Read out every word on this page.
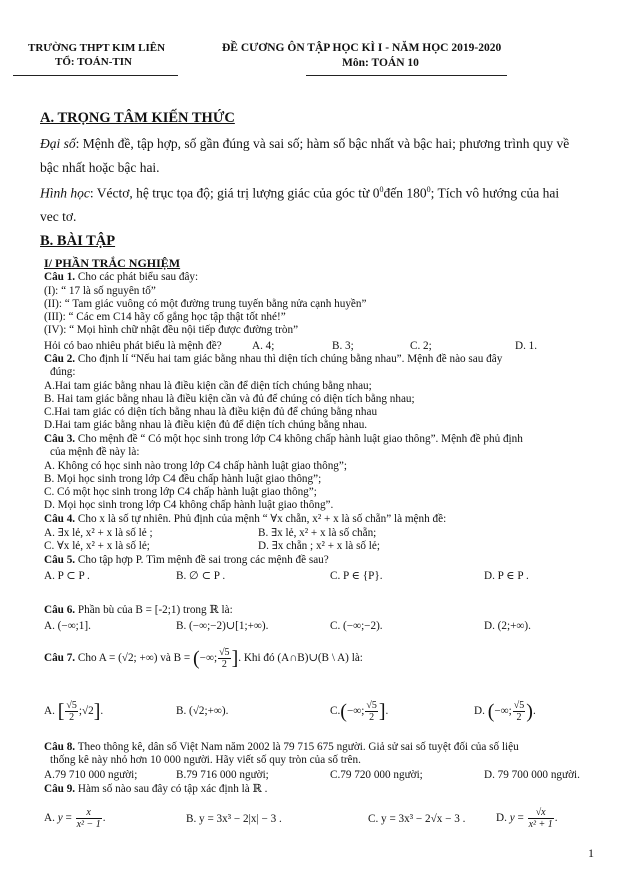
TRƯỜNG THPT KIM LIÊN
TỔ: TOÁN-TIN
ĐỀ CƯƠNG ÔN TẬP HỌC KÌ I - NĂM HỌC 2019-2020
Môn: TOÁN 10
A. TRỌNG TÂM KIẾN THỨC
Đại số: Mệnh đề, tập hợp, số gần đúng và sai số; hàm số bậc nhất và bậc hai; phương trình quy về
bậc nhất hoặc bậc hai.
Hình học: Véctơ, hệ trục tọa độ; giá trị lượng giác của góc từ $0^0đến$ $180^0$; Tích vô hướng của hai
vec tơ.
B. BÀI TẬP
I/ PHẦN TRẮC NGHIỆM
Câu 1. Cho các phát biểu sau đây:
(I): “ 17 là số nguyên tố”
(II): “ Tam giác vuông có một đường trung tuyến bằng nửa cạnh huyền”
(III): “ Các em C14 hãy cố gắng học tập thật tốt nhé!”
(IV): “ Mọi hình chữ nhật đều nội tiếp được đường tròn”
Hỏi có bao nhiêu phát biểu là mệnh đề?	A. 4;	B. 3;	C. 2;	D. 1.
Câu 2. Cho định lí “Nếu hai tam giác bằng nhau thì diện tích chúng bằng nhau”. Mệnh đề nào sau đây
đúng:
A.Hai tam giác bằng nhau là điều kiện cần để diện tích chúng bằng nhau;
B. Hai tam giác bằng nhau là điều kiện cần và đủ để chúng có diện tích bằng nhau;
C.Hai tam giác có diện tích bằng nhau là điều kiện đủ để chúng bằng nhau
D.Hai tam giác bằng nhau là điều kiện đủ để diện tích chúng bằng nhau.
Câu 3. Cho mệnh đề “ Có một học sinh trong lớp C4 không chấp hành luật giao thông”. Mệnh đề phủ định
của mệnh đề này là:
A. Không có học sinh nào trong lớp C4 chấp hành luật giao thông”;
B. Mọi học sinh trong lớp C4 đều chấp hành luật giao thông”;
C. Có một học sinh trong lớp C4 chấp hành luật giao thông”;
D. Mọi học sinh trong lớp C4 không chấp hành luật giao thông”.
Câu 4. Cho x là số tự nhiên. Phủ định của mệnh “ ∀x chẵn, x² + x là số chẵn” là mệnh đề:
A. ∃x lẻ, x² + x là số lẻ ;	B. ∃x lẻ, x² + x là số chẵn;
C. ∀x lẻ, x² + x là số lẻ;	D. ∃x chẵn ; x² + x là số lẻ;
Câu 5. Cho tập hợp P. Tìm mệnh đề sai trong các mệnh đề sau?
A. P ⊂ P .	B. ∅ ⊂ P .	C. P ∈ {P}.	D. P ∈ P .
Câu 6. Phần bù của B = [-2;1) trong ℝ là:
A. (−∞;1].	B. (−∞;−2)∪[1;+∞).	C. (−∞;−2).	D. (2;+∞).
Câu 7. Cho A = (√2; +∞) và B = (−∞; $\frac{√5}{2}$ ]. Khi đó (A∩B)∪(B \ A) là:
A. [ $\frac{√5}{2}$ ;√2].	B. (√2;+∞).	C.(−∞; $\frac{√5}{2}$ ].	D. (−∞; $\frac{√5}{2}$ ).
Câu 8. Theo thông kê, dân số Việt Nam năm 2002 là 79 715 675 người. Giả sử sai số tuyệt đối của số liệu
thống kê này nhỏ hơn 10 000 người. Hãy viết số quy tròn của số trên.
A.79 710 000 người;	B.79 716 000 người;	C.79 720 000 người;	D. 79 700 000 người.
Câu 9. Hàm số nào sau đây có tập xác định là ℝ .
A. $y = \frac{x}{\text{x² − 1}}$ .	B. y = 3x³ − 2|x| − 3 .	C. y = 3x³ − 2√x − 3 .	D. $y = \frac{√x}{\text{x² + 1}}$ .
1
